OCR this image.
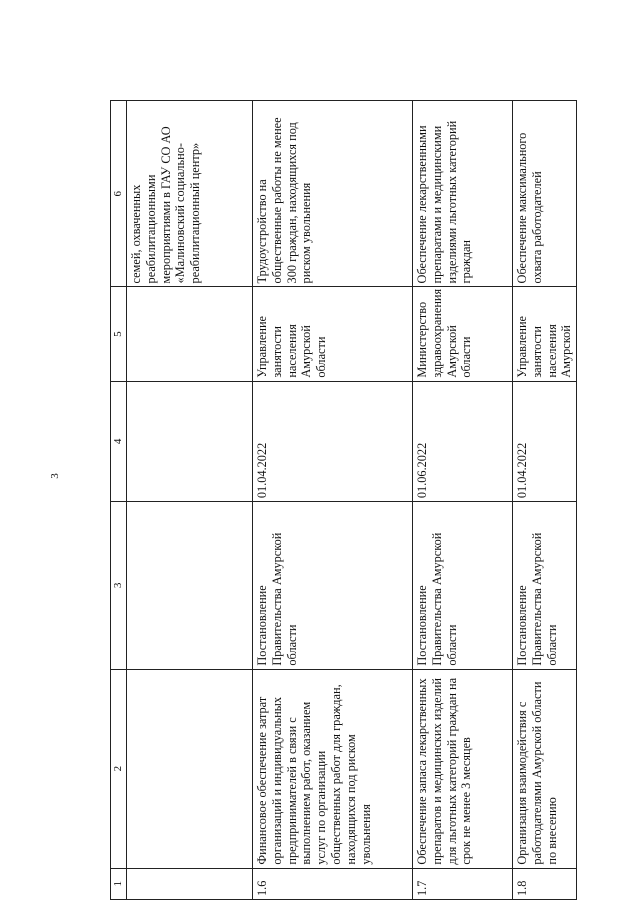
3
1	2	3	4	5	6
					семей, охваченных реабилитационными мероприятиями в ГАУ СО АО «Малиновский социально-реабилитационный центр»
1.6	Финансовое обеспечение затрат организаций и индивидуальных предпринимателей в связи с выполнением работ, оказанием услуг по организации общественных работ для граждан, находящихся под риском увольнения	Постановление Правительства Амурской области	01.04.2022	Управление занятости населения Амурской области	Трудоустройство на общественные работы не менее 300 граждан, находящихся под риском увольнения
1.7	Обеспечение запаса лекарственных препаратов и медицинских изделий для льготных категорий граждан на срок не менее 3 месяцев	Постановление Правительства Амурской области	01.06.2022	Министерство здравоохранения Амурской области	Обеспечение лекарственными препаратами и медицинскими изделиями льготных категорий граждан
1.8	Организация взаимодействия с работодателями Амурской области по внесению	Постановление Правительства Амурской области	01.04.2022	Управление занятости населения Амурской	Обеспечение максимального охвата работодателей
